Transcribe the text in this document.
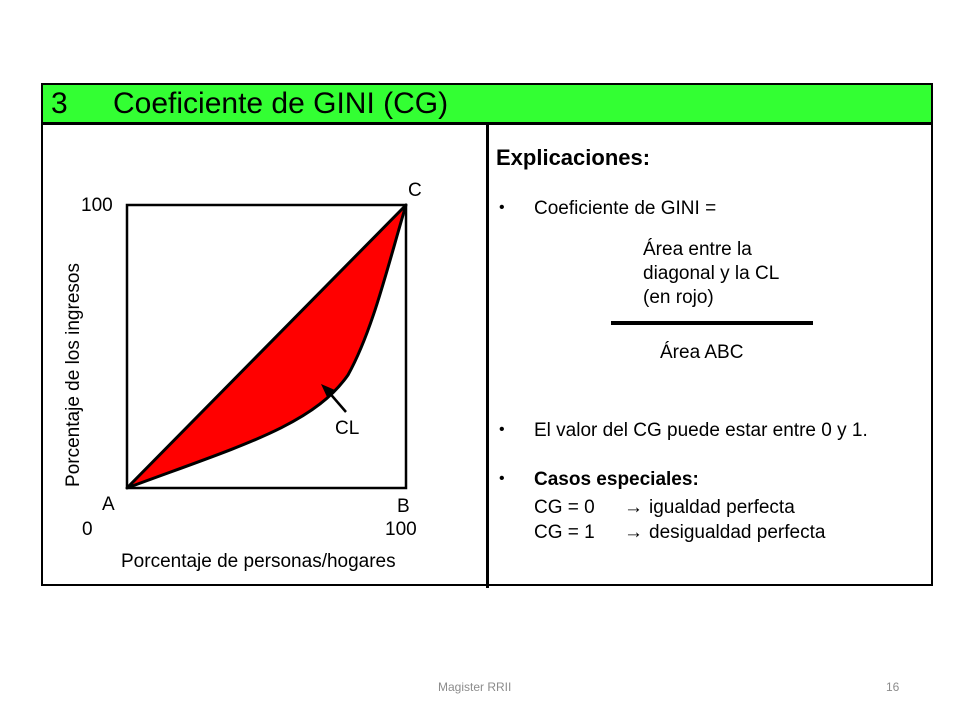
3 Coeficiente de GINI (CG)
CL
C
100
A	B
0	100
Porcentaje de personas/hogares
Porcentaje de los ingresos
Explicaciones:
• Coeficiente de GINI =
Área entre la
diagonal y la CL
(en rojo)
Área ABC
• El valor del CG puede estar entre 0 y 1.
• Casos especiales:
CG = 0 → igualdad perfecta
CG = 1 → desigualdad perfecta
Magister RRII	16
